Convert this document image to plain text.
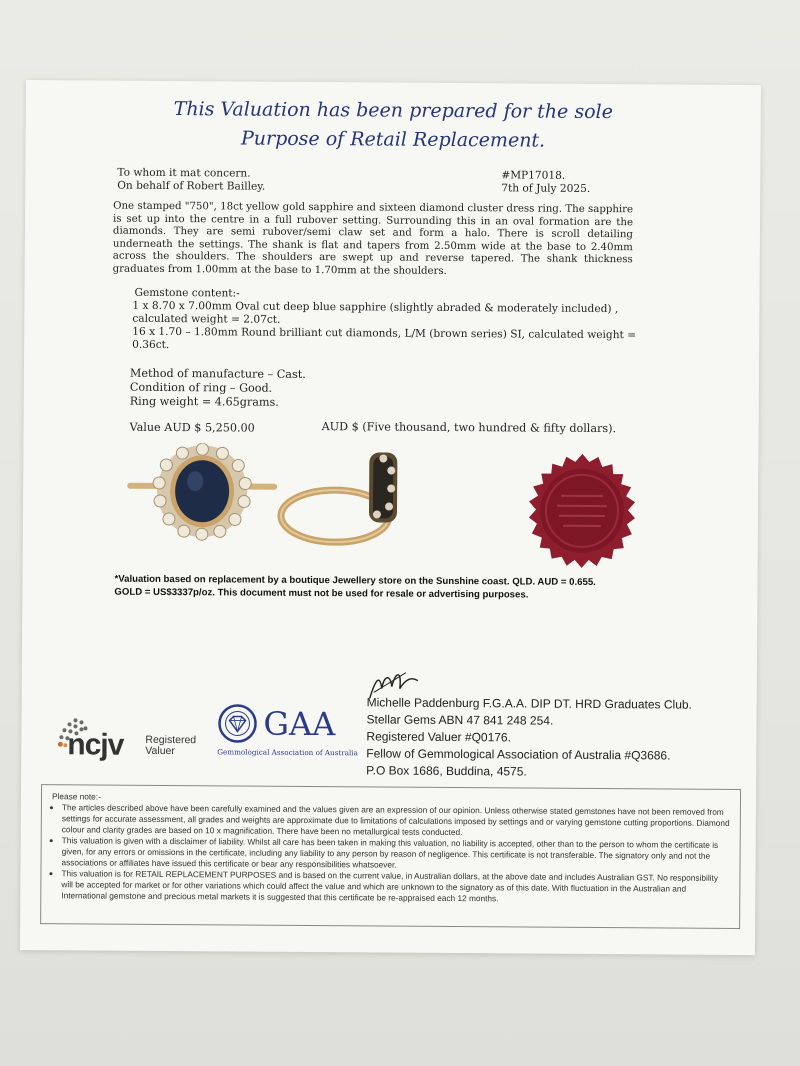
This Valuation has been prepared for the sole
Purpose of Retail Replacement.
To whom it mat concern.
On behalf of Robert Bailley.
#MP17018.
7th of July 2025.
One stamped "750", 18ct yellow gold sapphire and sixteen diamond cluster dress ring. The sapphire is set up into the centre in a full rubover setting. Surrounding this in an oval formation are the diamonds. They are semi rubover/semi claw set and form a halo. There is scroll detailing underneath the settings. The shank is flat and tapers from 2.50mm wide at the base to 2.40mm across the shoulders. The shoulders are swept up and reverse tapered. The shank thickness graduates from 1.00mm at the base to 1.70mm at the shoulders.
Gemstone content:-
1 x 8.70 x 7.00mm Oval cut deep blue sapphire (slightly abraded & moderately included) ,
calculated weight = 2.07ct.
16 x 1.70 – 1.80mm Round brilliant cut diamonds, L/M (brown series) SI, calculated weight =
0.36ct.
Method of manufacture – Cast.
Condition of ring – Good.
Ring weight = 4.65grams.
Value AUD $ 5,250.00	AUD $ (Five thousand, two hundred & fifty dollars).
*Valuation based on replacement by a boutique Jewellery store on the Sunshine coast. QLD. AUD = 0.655.
GOLD = US$3337p/oz. This document must not be used for resale or advertising purposes.
ncjv Registered
Valuer
GAA
Gemmological Association of Australia
Michelle Paddenburg F.G.A.A. DIP DT. HRD Graduates Club.
Stellar Gems ABN 47 841 248 254.
Registered Valuer #Q0176.
Fellow of Gemmological Association of Australia #Q3686.
P.O Box 1686, Buddina, 4575.
Please note:-
• The articles described above have been carefully examined and the values given are an expression of our opinion. Unless otherwise stated gemstones have not been removed from settings for accurate assessment, all grades and weights are approximate due to limitations of calculations imposed by settings and or varying gemstone cutting proportions. Diamond colour and clarity grades are based on 10 x magnification. There have been no metallurgical tests conducted.
• This valuation is given with a disclaimer of liability. Whilst all care has been taken in making this valuation, no liability is accepted, other than to the person to whom the certificate is given, for any errors or omissions in the certificate, including any liability to any person by reason of negligence. This certificate is not transferable. The signatory only and not the associations or affiliates have issued this certificate or bear any responsibilities whatsoever.
• This valuation is for RETAIL REPLACEMENT PURPOSES and is based on the current value, in Australian dollars, at the above date and includes Australian GST. No responsibility will be accepted for market or for other variations which could affect the value and which are unknown to the signatory as of this date. With fluctuation in the Australian and International gemstone and precious metal markets it is suggested that this certificate be re-appraised each 12 months.
